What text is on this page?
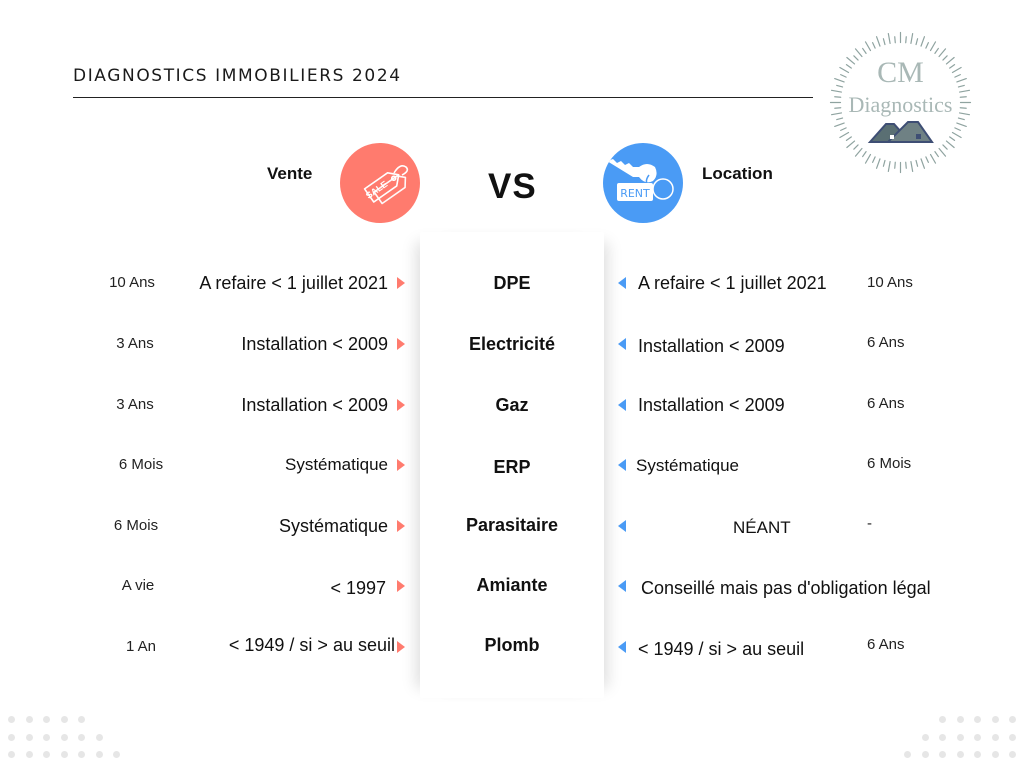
DIAGNOSTICS IMMOBILIERS 2024	CM
Diagnostics
Vente
SALE	VS	RENT
Location
10 Ans	A refaire < 1 juillet 2021	DPE	A refaire < 1 juillet 2021	10 Ans
3 Ans	Installation < 2009	Electricité	Installation < 2009	6 Ans
3 Ans	Installation < 2009	Gaz	Installation < 2009	6 Ans
6 Mois	Systématique	ERP	Systématique	6 Mois
6 Mois	Systématique	Parasitaire	NÉANT	-
A vie	< 1997	Amiante	Conseillé mais pas d'obligation légal
1 An	< 1949 / si > au seuil	Plomb	< 1949 / si > au seuil	6 Ans
